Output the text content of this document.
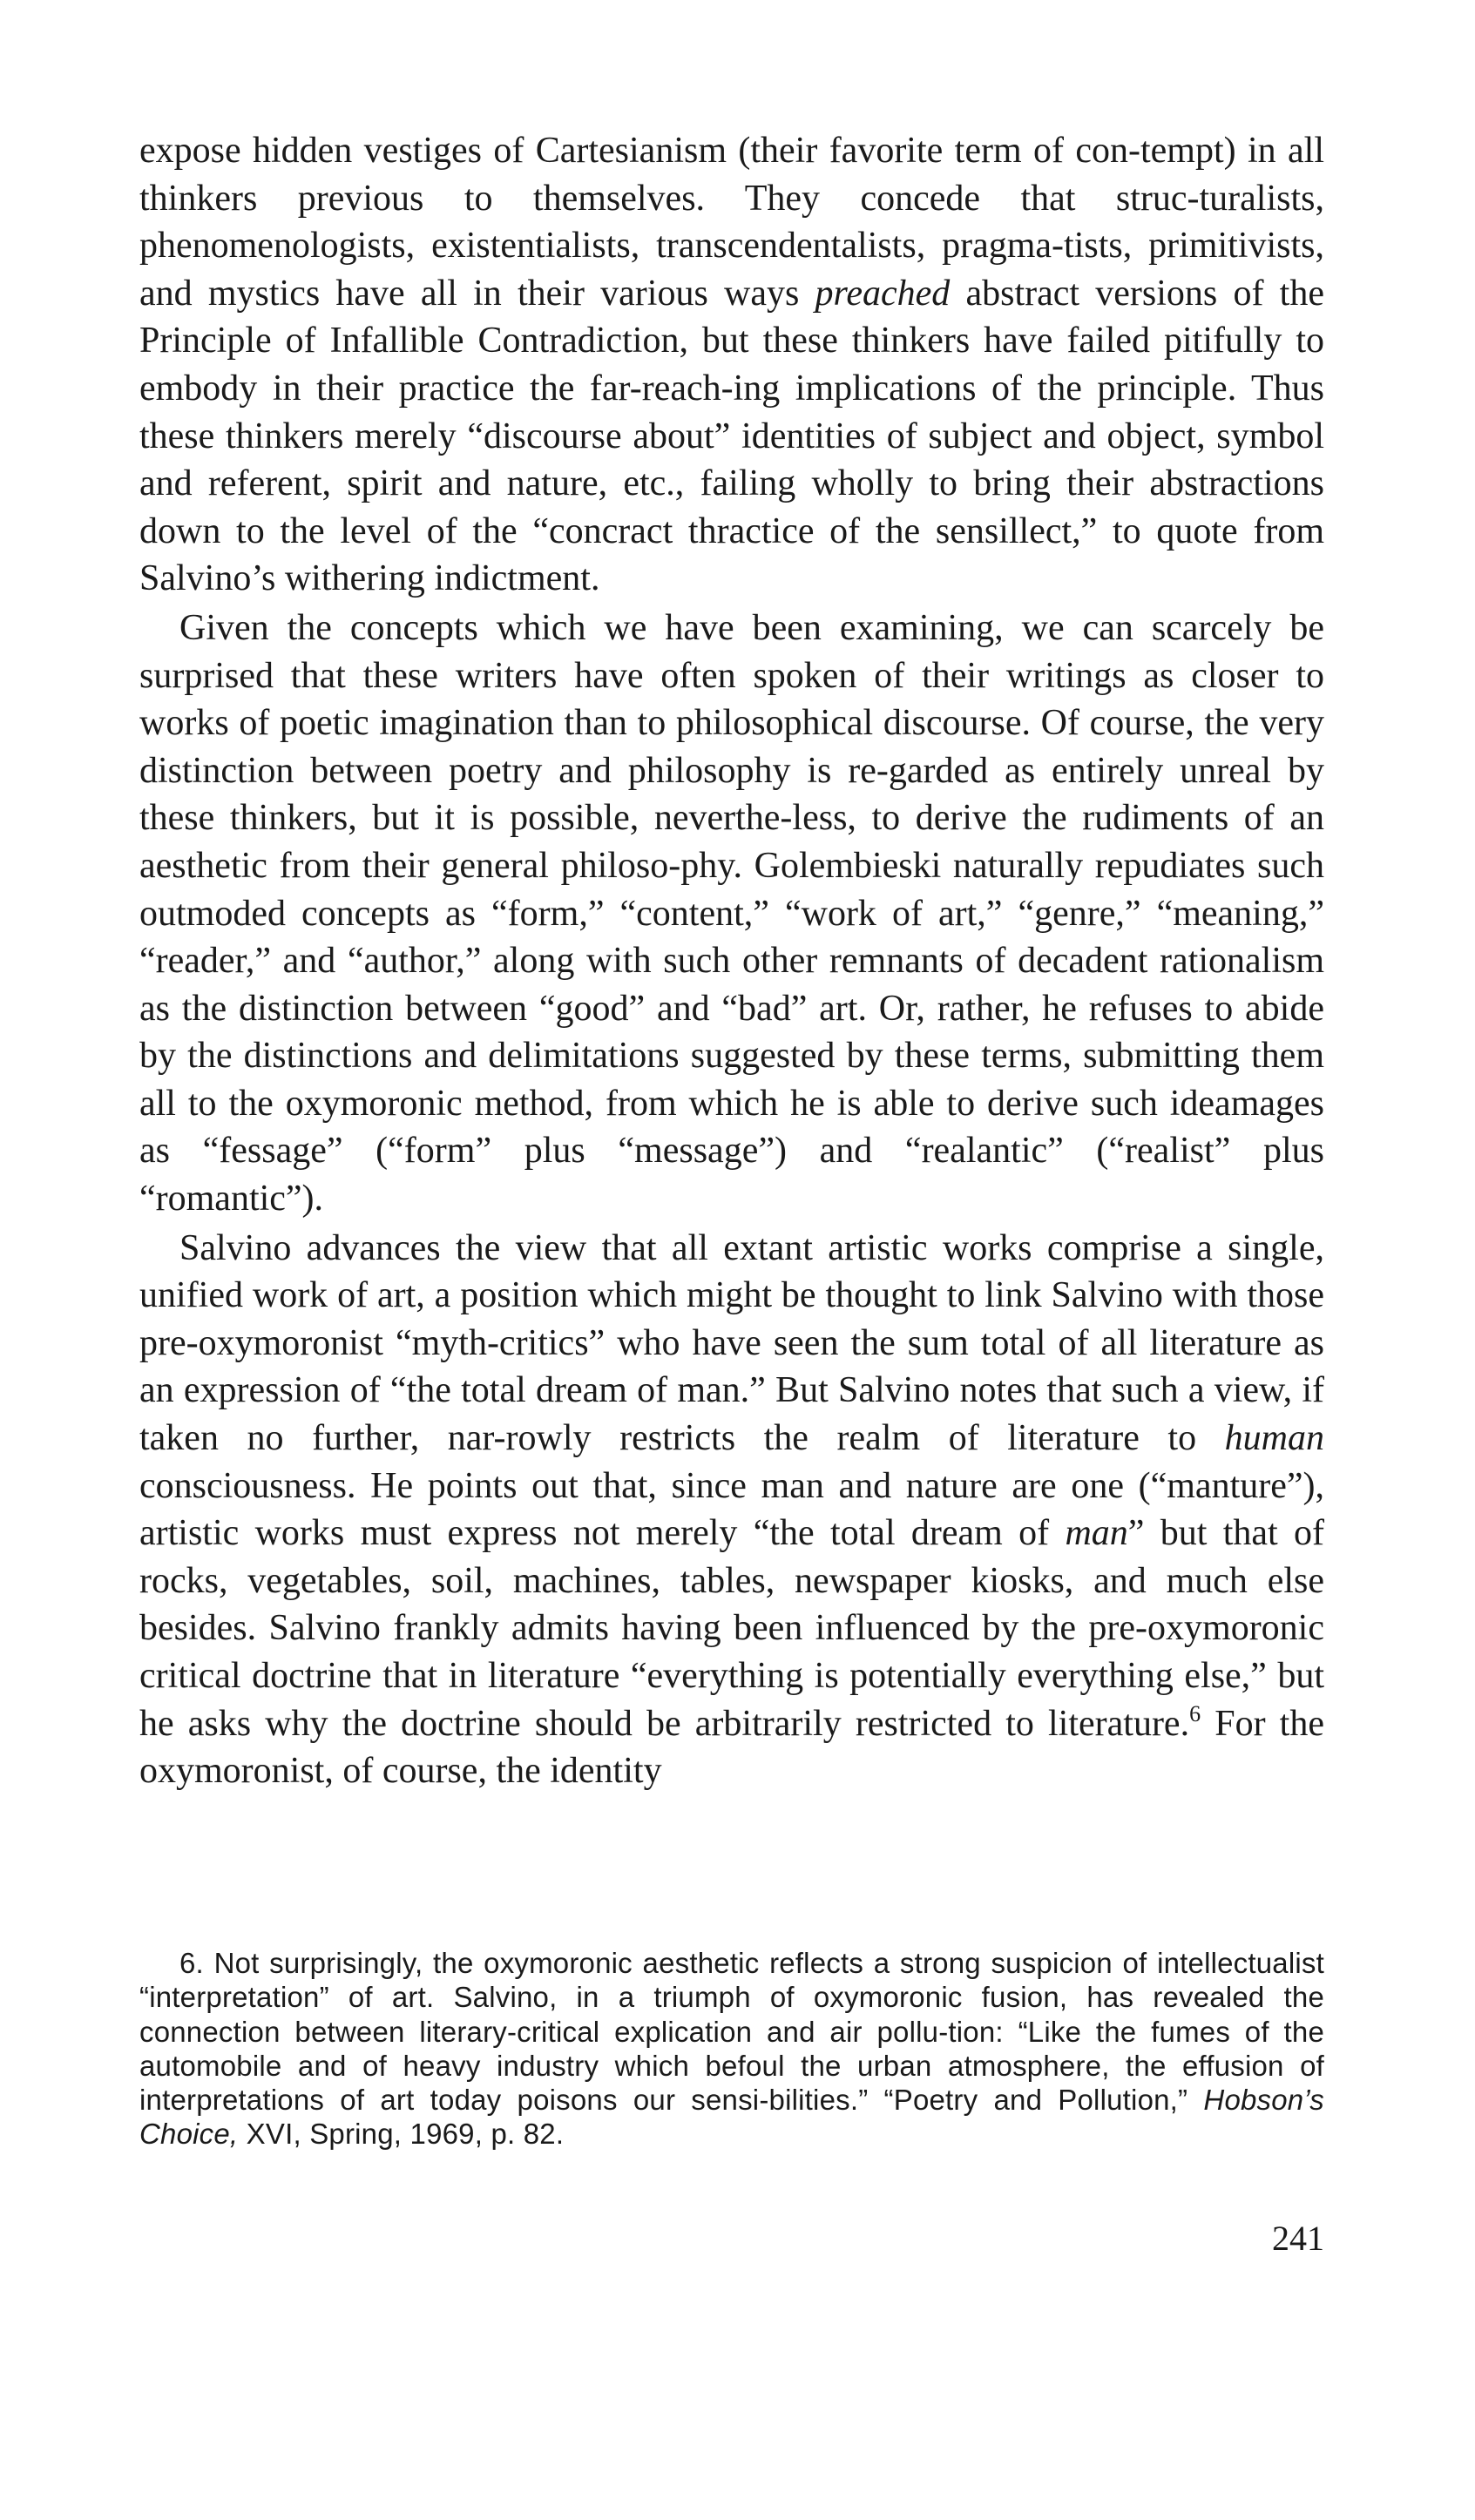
expose hidden vestiges of Cartesianism (their favorite term of con-tempt) in all thinkers previous to themselves. They concede that struc-turalists, phenomenologists, existentialists, transcendentalists, pragma-tists, primitivists, and mystics have all in their various ways preached abstract versions of the Principle of Infallible Contradiction, but these thinkers have failed pitifully to embody in their practice the far-reach-ing implications of the principle. Thus these thinkers merely “discourse about” identities of subject and object, symbol and referent, spirit and nature, etc., failing wholly to bring their abstractions down to the level of the “concract thractice of the sensillect,” to quote from Salvino’s withering indictment.

Given the concepts which we have been examining, we can scarcely be surprised that these writers have often spoken of their writings as closer to works of poetic imagination than to philosophical discourse. Of course, the very distinction between poetry and philosophy is re-garded as entirely unreal by these thinkers, but it is possible, neverthe-less, to derive the rudiments of an aesthetic from their general philoso-phy. Golembieski naturally repudiates such outmoded concepts as “form,” “content,” “work of art,” “genre,” “meaning,” “reader,” and “author,” along with such other remnants of decadent rationalism as the distinction between “good” and “bad” art. Or, rather, he refuses to abide by the distinctions and delimitations suggested by these terms, submitting them all to the oxymoronic method, from which he is able to derive such ideamages as “fessage” (“form” plus “message”) and “realantic” (“realist” plus “romantic”).

Salvino advances the view that all extant artistic works comprise a single, unified work of art, a position which might be thought to link Salvino with those pre-oxymoronist “myth-critics” who have seen the sum total of all literature as an expression of “the total dream of man.” But Salvino notes that such a view, if taken no further, nar-rowly restricts the realm of literature to human consciousness. He points out that, since man and nature are one (“manture”), artistic works must express not merely “the total dream of man” but that of rocks, vegetables, soil, machines, tables, newspaper kiosks, and much else besides. Salvino frankly admits having been influenced by the pre-oxymoronic critical doctrine that in literature “everything is potentially everything else,” but he asks why the doctrine should be arbitrarily restricted to literature.$^6$ For the oxymoronist, of course, the identity

6. Not surprisingly, the oxymoronic aesthetic reflects a strong suspicion of intellectualist “interpretation” of art. Salvino, in a triumph of oxymoronic fusion, has revealed the connection between literary-critical explication and air pollu-tion: “Like the fumes of the automobile and of heavy industry which befoul the urban atmosphere, the effusion of interpretations of art today poisons our sensi-bilities.” “Poetry and Pollution,” Hobson’s Choice, XVI, Spring, 1969, p. 82.

241
